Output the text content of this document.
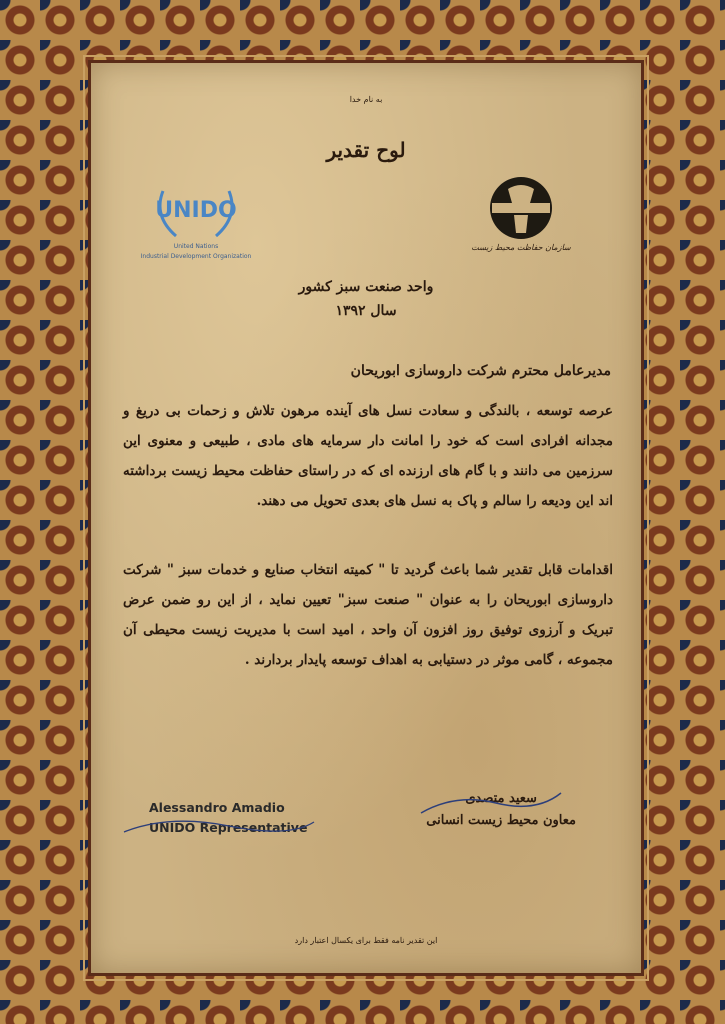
به نام خدا
لوح تقدیر
UNIDO
United Nations
Industrial Development Organization
سازمان حفاظت محیط زیست
واحد صنعت سبز کشور
سال ۱۳۹۲
مدیرعامل محترم شرکت داروسازی ابوریحان
عرصه توسعه ، بالندگی و سعادت نسل های آینده مرهون تلاش و زحمات بی دریغ و مجدانه افرادی است که خود را امانت دار سرمایه های مادی ، طبیعی و معنوی این سرزمین می دانند و با گام های ارزنده ای که در راستای حفاظت محیط زیست برداشته اند این ودیعه را سالم و پاک به نسل های بعدی تحویل می دهند.
اقدامات قابل تقدیر شما باعث گردید تا " کمیته انتخاب صنایع و خدمات سبز " شرکت داروسازی ابوریحان را به عنوان " صنعت سبز" تعیین نماید ، از این رو ضمن عرض تبریک و آرزوی توفیق روز افزون آن واحد ، امید است با مدیریت زیست محیطی آن مجموعه ، گامی موثر در دستیابی به اهداف توسعه پایدار بردارند .
سعید متصدی
معاون محیط زیست انسانی
Alessandro Amadio
UNIDO Representative
این تقدیر نامه فقط برای یکسال اعتبار دارد
